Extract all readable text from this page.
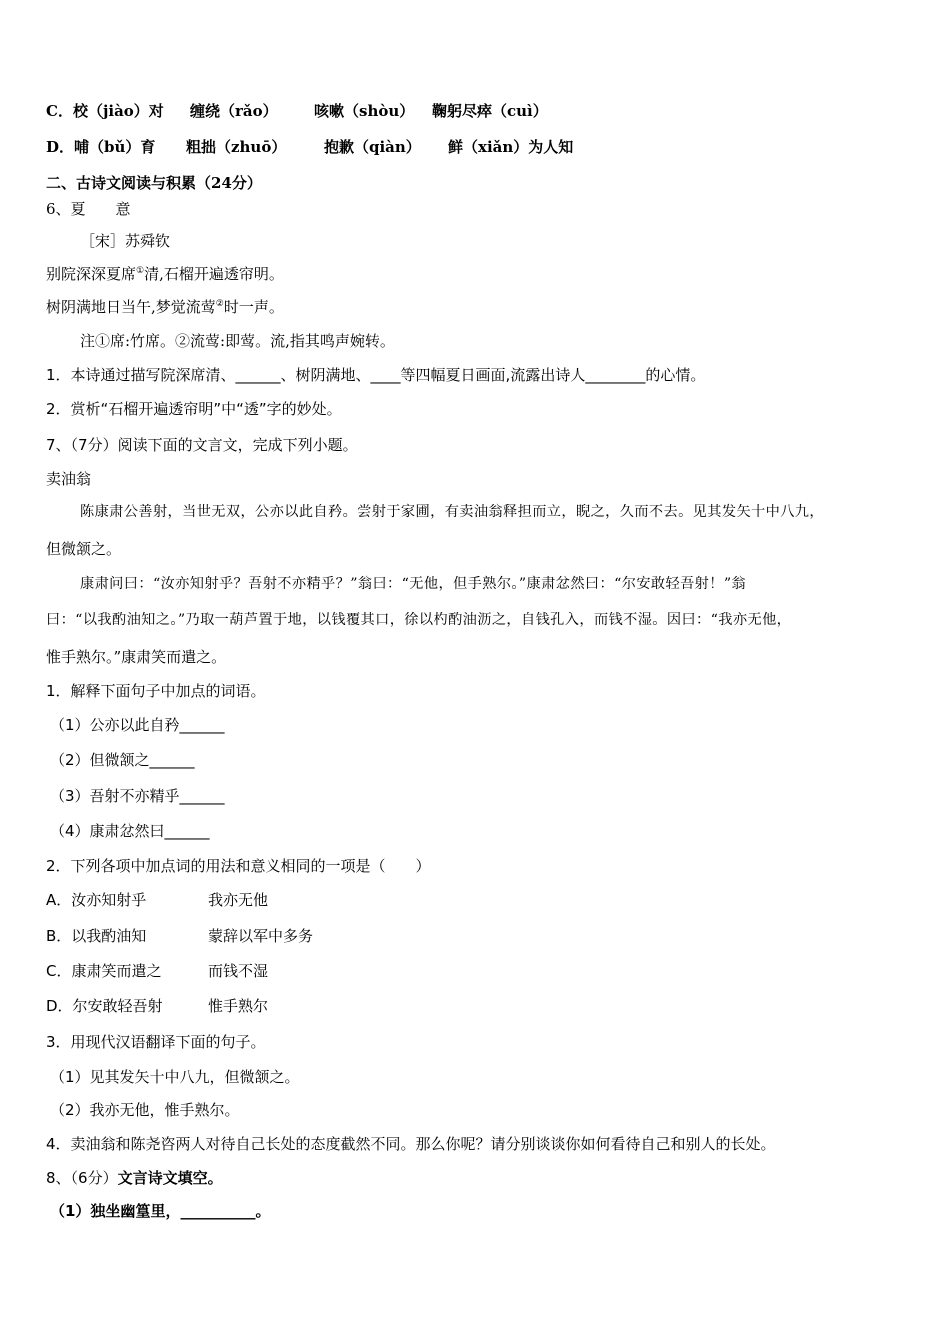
C．校（jiào）对 缠绕（rǎo） 咳嗽（shòu） 鞠躬尽瘁（cuì）
D．哺（bǔ）育 粗拙（zhuō）	抱歉（qiàn） 鲜（xiǎn）为人知
二、古诗文阅读与积累（24分）
6、夏　　意
［宋］苏舜钦
别院深深夏席①清,石榴开遍透帘明。
树阴满地日当午,梦觉流莺②时一声。
注①席:竹席。②流莺:即莺。流,指其鸣声婉转。
1．本诗通过描写院深席清、______、树阴满地、____等四幅夏日画面,流露出诗人________的心情。
2．赏析“石榴开遍透帘明”中“透”字的妙处。
7、（7分）阅读下面的文言文，完成下列小题。
卖油翁
陈康肃公善射，当世无双，公亦以此自矜。尝射于家圃，有卖油翁释担而立，睨之，久而不去。见其发矢十中八九，
但微颔之。
康肃问曰：“汝亦知射乎？吾射不亦精乎？”翁曰：“无他，但手熟尔。”康肃忿然曰：“尔安敢轻吾射！”翁
曰：“以我酌油知之。”乃取一葫芦置于地，以钱覆其口，徐以杓酌油沥之，自钱孔入，而钱不湿。因曰：“我亦无他，
惟手熟尔。”康肃笑而遣之。
1．解释下面句子中加点的词语。
（1）公亦以此自矜______
（2）但微颔之______
（3）吾射不亦精乎______
（4）康肃忿然曰______
2．下列各项中加点词的用法和意义相同的一项是（　　）
A．汝亦知射乎	我亦无他
B．以我酌油知	蒙辞以军中多务
C．康肃笑而遣之	而钱不湿
D．尔安敢轻吾射	惟手熟尔
3．用现代汉语翻译下面的句子。
（1）见其发矢十中八九，但微颔之。
（2）我亦无他，惟手熟尔。
4．卖油翁和陈尧咨两人对待自己长处的态度截然不同。那么你呢？请分别谈谈你如何看待自己和别人的长处。
8、（6分）文言诗文填空。
（1）独坐幽篁里，__________。
